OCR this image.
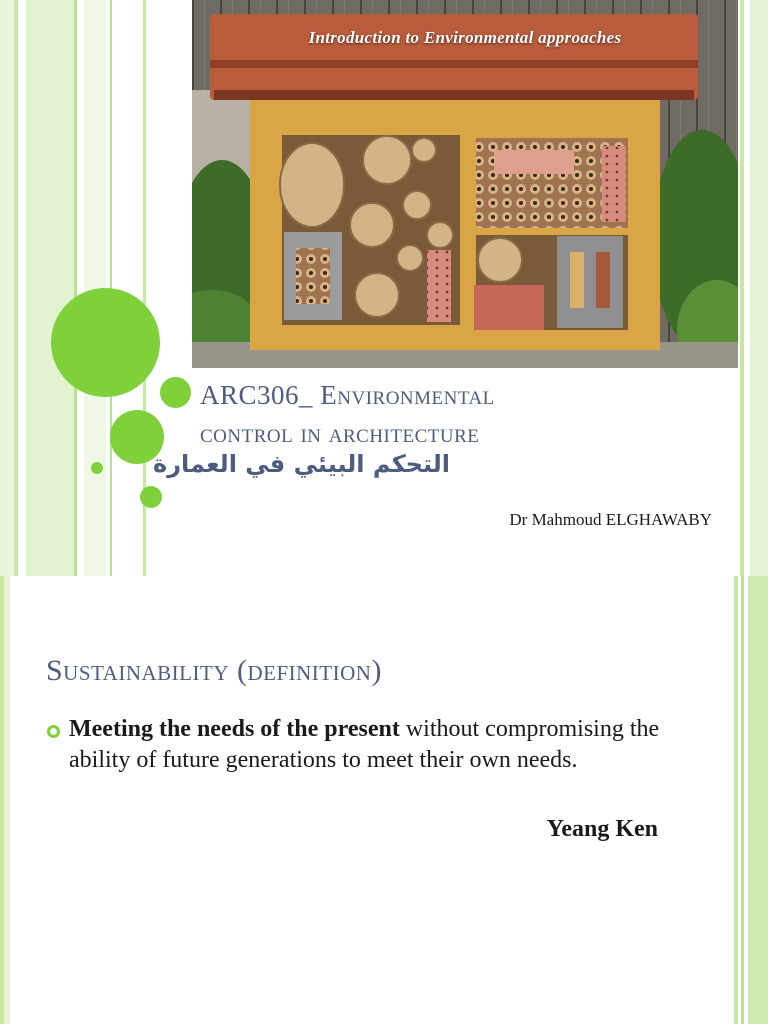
Introduction to Environmental approaches
ARC306_ Environmental
control in architecture
التحكم البيئي في العمارة
Dr Mahmoud ELGHAWABY
Sustainability (definition)
Meeting the needs of the present without compromising the ability of future generations to meet their own needs.
Yeang Ken
